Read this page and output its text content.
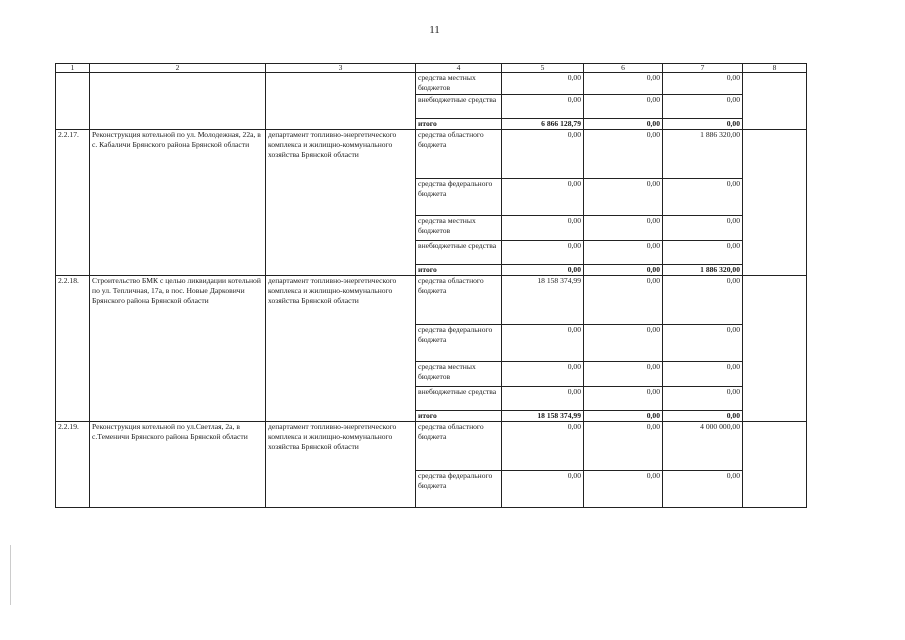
11
1	2	3	4	5	6	7	8
			средства местных бюджетов	0,00	0,00	0,00	
			внебюджетные средства	0,00	0,00	0,00	
			итого	6 866 128,79	0,00	0,00	
2.2.17.	Реконструкция котельной по ул. Молодежная, 22а, в с. Кабаличи Брянского района Брянской области	департамент топливно-энергетического комплекса и жилищно-коммунального хозяйства Брянской области	средства областного бюджета	0,00	0,00	1 886 320,00	
			средства федерального бюджета	0,00	0,00	0,00	
			средства местных бюджетов	0,00	0,00	0,00	
			внебюджетные средства	0,00	0,00	0,00	
			итого	0,00	0,00	1 886 320,00	
2.2.18.	Строительство БМК с целью ликвидации котельной по ул. Тепличная, 17а, в пос. Новые Дарковичи Брянского района Брянской области	департамент топливно-энергетического комплекса и жилищно-коммунального хозяйства Брянской области	средства областного бюджета	18 158 374,99	0,00	0,00	
			средства федерального бюджета	0,00	0,00	0,00	
			средства местных бюджетов	0,00	0,00	0,00	
			внебюджетные средства	0,00	0,00	0,00	
			итого	18 158 374,99	0,00	0,00	
2.2.19.	Реконструкция котельной по ул.Светлая, 2а, в с.Теменичи Брянского района Брянской области	департамент топливно-энергетического комплекса и жилищно-коммунального хозяйства Брянской области	средства областного бюджета	0,00	0,00	4 000 000,00	
			средства федерального бюджета	0,00	0,00	0,00	
